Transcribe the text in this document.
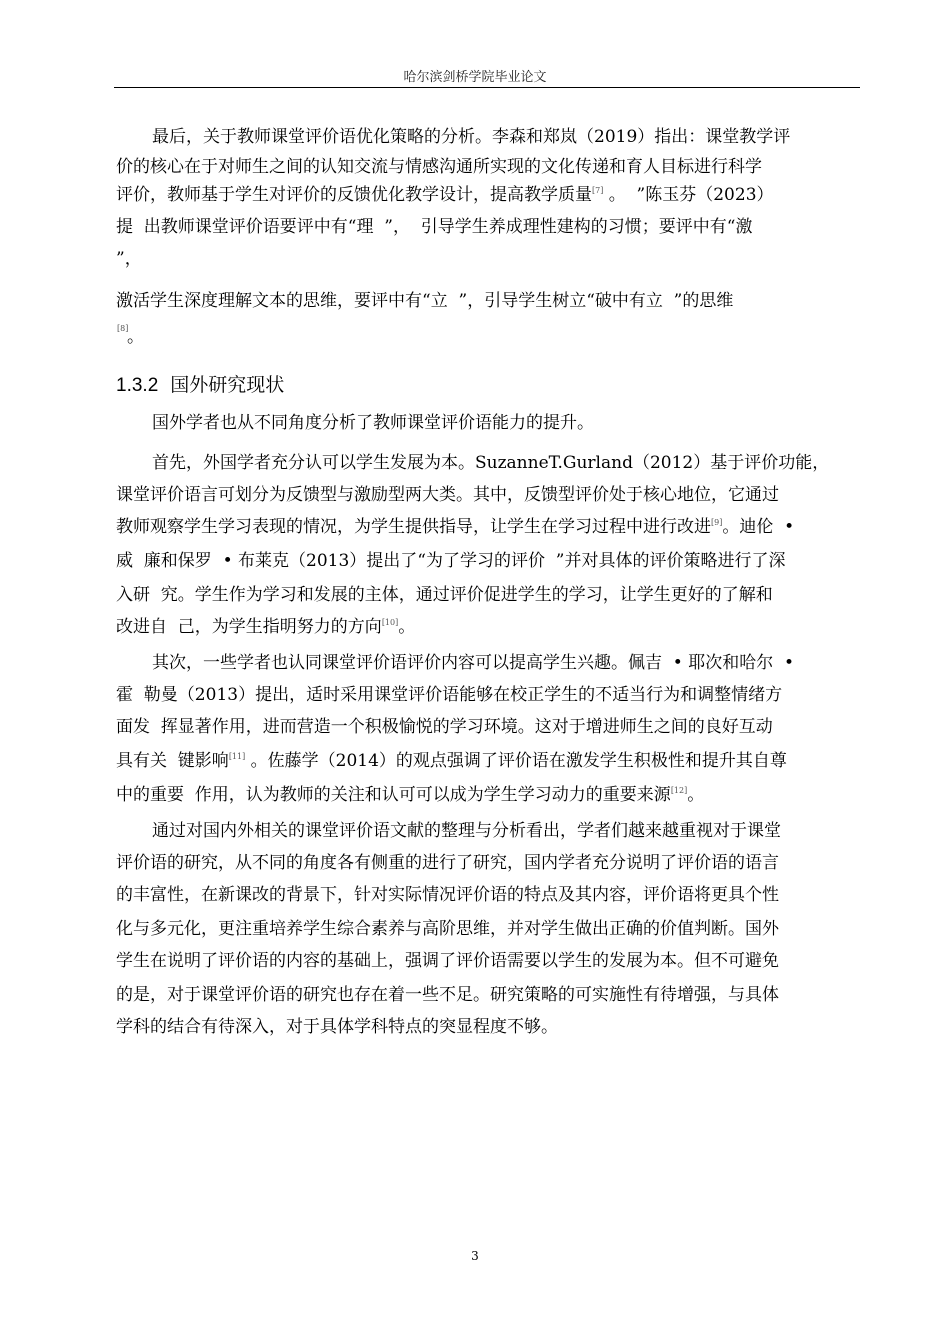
哈尔滨剑桥学院毕业论文
最后，关于教师课堂评价语优化策略的分析。李森和郑岚（2019）指出：课堂教学评
价的核心在于对师生之间的认知交流与情感沟通所实现的文化传递和育人目标进行科学
评价，教师基于学生对评价的反馈优化教学设计，提高教学质量[7] 。  ”陈玉芬（2023）
提  出教师课堂评价语要评中有“理  ”，  引导学生养成理性建构的习惯；要评中有“激
”，
激活学生深度理解文本的思维，要评中有“立  ”，引导学生树立“破中有立  ”的思维
[8]
。
1.3.2 国外研究现状
国外学者也从不同角度分析了教师课堂评价语能力的提升。
首先，外国学者充分认可以学生发展为本。SuzanneT.Gurland（2012）基于评价功能，
课堂评价语言可划分为反馈型与激励型两大类。其中，反馈型评价处于核心地位，它通过
教师观察学生学习表现的情况，为学生提供指导，让学生在学习过程中进行改进[9]。迪伦  •
威  廉和保罗  • 布莱克（2013）提出了“为了学习的评价  ”并对具体的评价策略进行了深
入研  究。学生作为学习和发展的主体，通过评价促进学生的学习，让学生更好的了解和
改进自  己，为学生指明努力的方向[10]。
其次，一些学者也认同课堂评价语评价内容可以提高学生兴趣。佩吉  • 耶次和哈尔  •
霍  勒曼（2013）提出，适时采用课堂评价语能够在校正学生的不适当行为和调整情绪方
面发  挥显著作用，进而营造一个积极愉悦的学习环境。这对于增进师生之间的良好互动
具有关  键影响[11] 。佐藤学（2014）的观点强调了评价语在激发学生积极性和提升其自尊
中的重要  作用，认为教师的关注和认可可以成为学生学习动力的重要来源[12]。
通过对国内外相关的课堂评价语文献的整理与分析看出，学者们越来越重视对于课堂
评价语的研究，从不同的角度各有侧重的进行了研究，国内学者充分说明了评价语的语言
的丰富性，在新课改的背景下，针对实际情况评价语的特点及其内容，评价语将更具个性
化与多元化，更注重培养学生综合素养与高阶思维，并对学生做出正确的价值判断。国外
学生在说明了评价语的内容的基础上，强调了评价语需要以学生的发展为本。但不可避免
的是，对于课堂评价语的研究也存在着一些不足。研究策略的可实施性有待增强，与具体
学科的结合有待深入，对于具体学科特点的突显程度不够。
3
